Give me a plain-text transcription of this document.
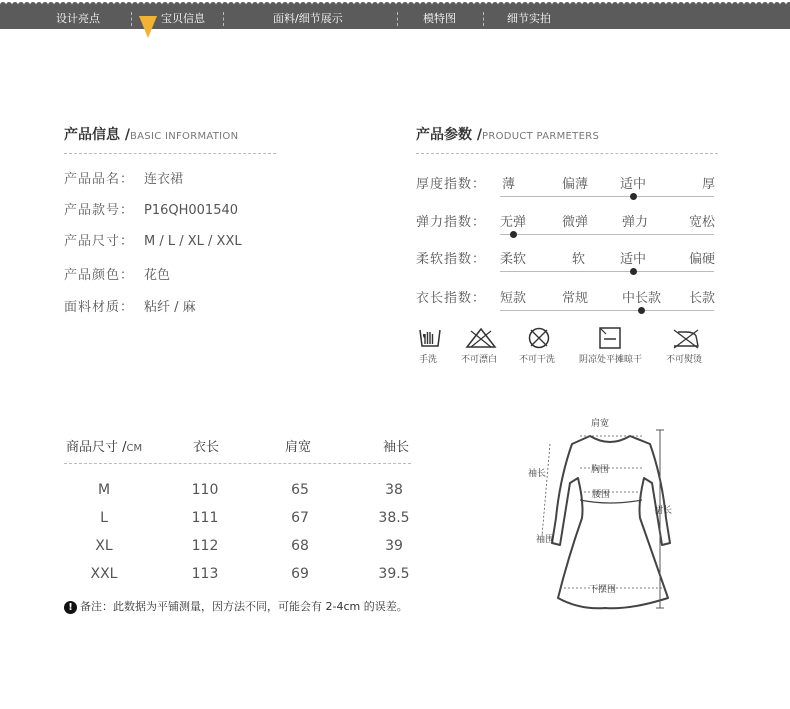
设计亮点	宝贝信息	面料/细节展示	模特图	细节实拍
产品信息 /BASIC INFORMATION
产品品名： 连衣裙
产品款号： P16QH001540
产品尺寸： M / L / XL / XXL
产品颜色： 花色
面料材质： 粘纤 / 麻
产品参数 /PRODUCT PARMETERS
厚度指数： 薄	偏薄 适中	厚
弹力指数： 无弹	微弹	弹力	宽松
柔软指数： 柔软	软	适中	偏硬
衣长指数： 短款	常规	中长款 长款
手洗	不可漂白 不可干洗	阴凉处平摊晾干	不可熨烫
商品尺寸 /CM	衣长	肩宽	袖长
M	110	65	38
L	111	67	38.5
XL	112	68	39
XXL	113	69	39.5
! 备注：此数据为平铺测量，因方法不同，可能会有 2-4cm 的误差。
肩宽
袖长	胸围
腰围
裙长
袖围
下摆围
